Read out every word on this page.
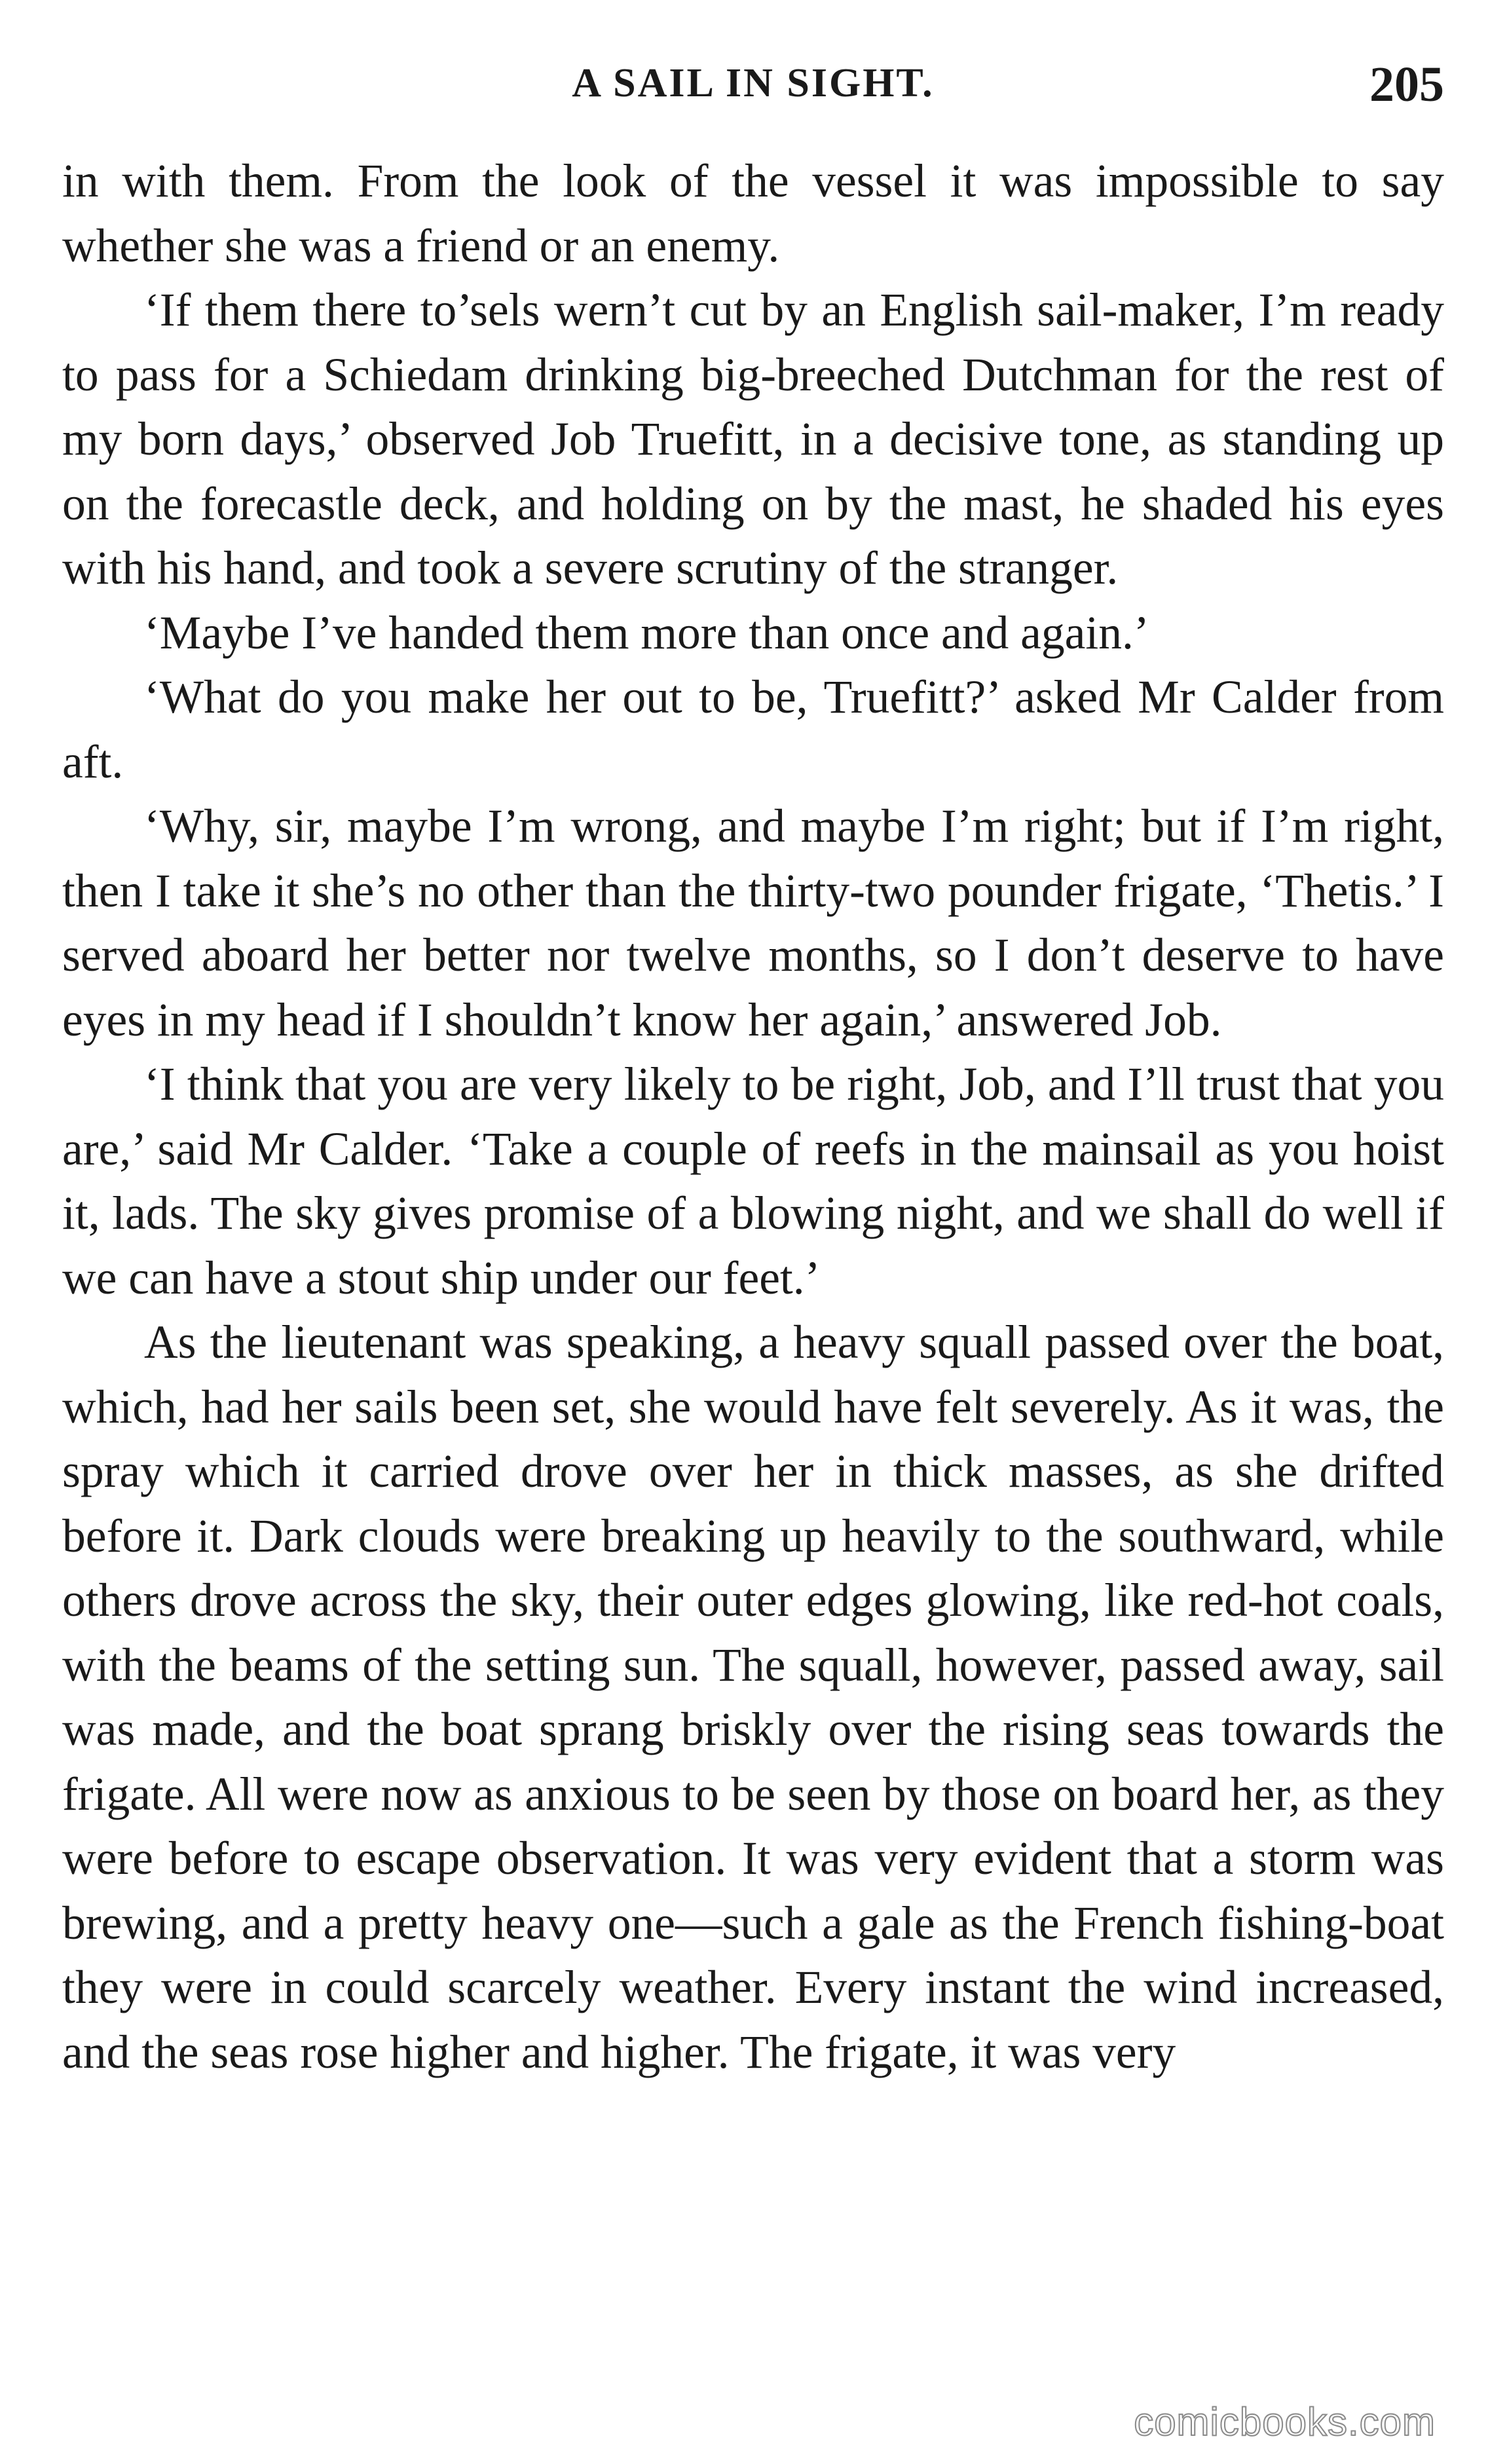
A SAIL IN SIGHT.	205

in with them. From the look of the vessel it was impossible to say whether she was a friend or an enemy.

‘If them there to’sels wern’t cut by an English sail-maker, I’m ready to pass for a Schiedam drinking big-breeched Dutchman for the rest of my born days,’ observed Job Truefitt, in a decisive tone, as standing up on the forecastle deck, and holding on by the mast, he shaded his eyes with his hand, and took a severe scrutiny of the stranger.

‘Maybe I’ve handed them more than once and again.’

‘What do you make her out to be, Truefitt?’ asked Mr Calder from aft.

‘Why, sir, maybe I’m wrong, and maybe I’m right; but if I’m right, then I take it she’s no other than the thirty-two pounder frigate, ‘Thetis.’ I served aboard her better nor twelve months, so I don’t deserve to have eyes in my head if I shouldn’t know her again,’ answered Job.

‘I think that you are very likely to be right, Job, and I’ll trust that you are,’ said Mr Calder. ‘Take a couple of reefs in the mainsail as you hoist it, lads. The sky gives promise of a blowing night, and we shall do well if we can have a stout ship under our feet.’

As the lieutenant was speaking, a heavy squall passed over the boat, which, had her sails been set, she would have felt severely. As it was, the spray which it carried drove over her in thick masses, as she drifted before it. Dark clouds were breaking up heavily to the southward, while others drove across the sky, their outer edges glowing, like red-hot coals, with the beams of the setting sun. The squall, however, passed away, sail was made, and the boat sprang briskly over the rising seas towards the frigate. All were now as anxious to be seen by those on board her, as they were before to escape observation. It was very evident that a storm was brewing, and a pretty heavy one—such a gale as the French fishing-boat they were in could scarcely weather. Every instant the wind increased, and the seas rose higher and higher. The frigate, it was very

comicbooks.com
